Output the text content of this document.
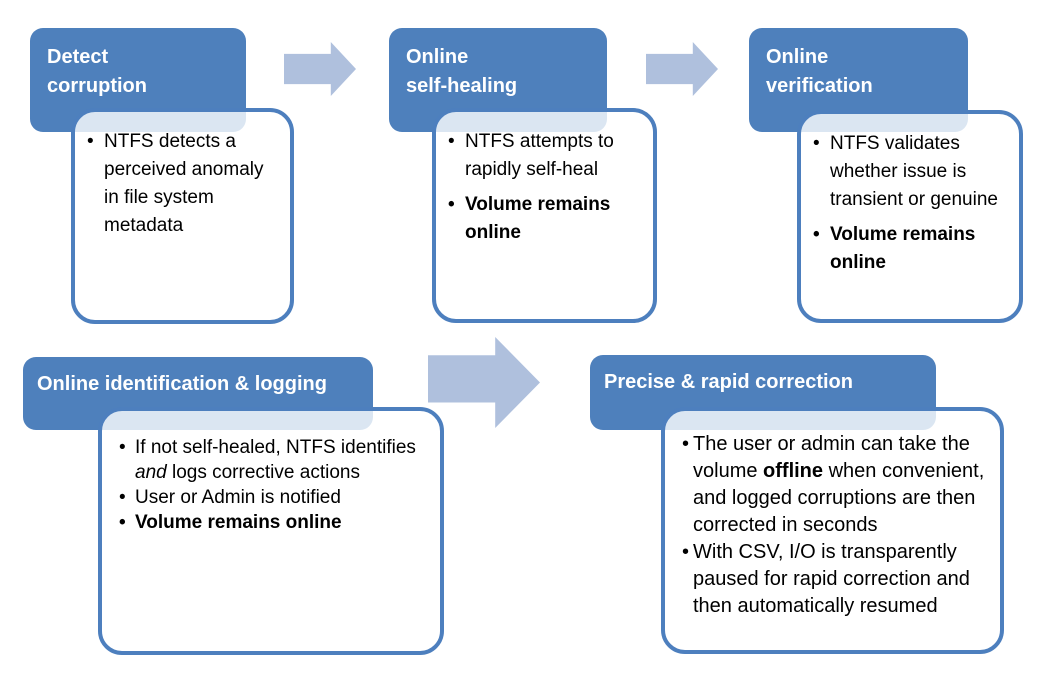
Detect
corruption
• NTFS detects a perceived anomaly in file system metadata
Online
self-healing
• NTFS attempts to rapidly self-heal
• Volume remains online
Online
verification
• NTFS validates whether issue is transient or genuine
• Volume remains online
Online identification & logging
• If not self-healed, NTFS identifies and logs corrective actions
• User or Admin is notified
• Volume remains online
Precise & rapid correction
• The user or admin can take the volume offline when convenient, and logged corruptions are then corrected in seconds
• With CSV, I/O is transparently paused for rapid correction and then automatically resumed
